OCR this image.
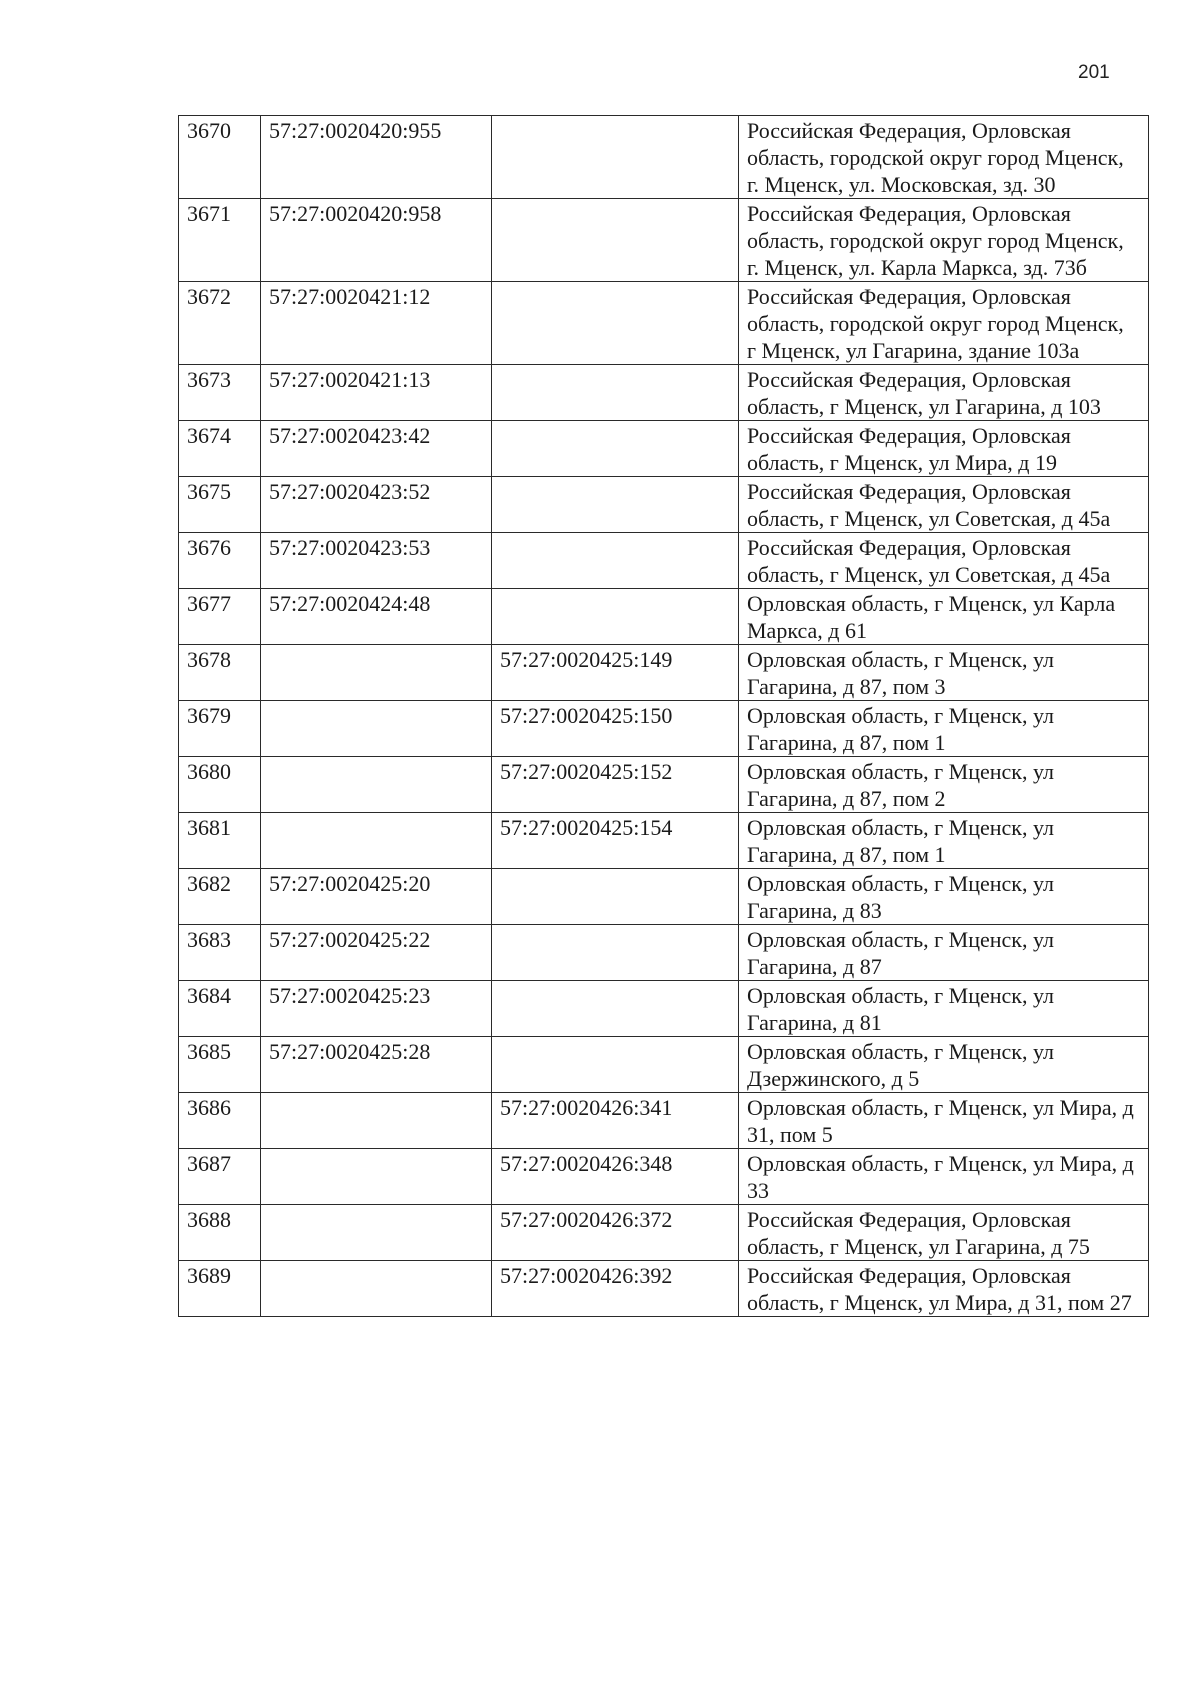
201
3670	57:27:0020420:955		Российская Федерация, Орловская область, городской округ город Мценск, г. Мценск, ул. Московская, зд. 30
3671	57:27:0020420:958		Российская Федерация, Орловская область, городской округ город Мценск, г. Мценск, ул. Карла Маркса, зд. 73б
3672	57:27:0020421:12		Российская Федерация, Орловская область, городской округ город Мценск, г Мценск, ул Гагарина, здание 103а
3673	57:27:0020421:13		Российская Федерация, Орловская область, г Мценск, ул Гагарина, д 103
3674	57:27:0020423:42		Российская Федерация, Орловская область, г Мценск, ул Мира, д 19
3675	57:27:0020423:52		Российская Федерация, Орловская область, г Мценск, ул Советская, д 45а
3676	57:27:0020423:53		Российская Федерация, Орловская область, г Мценск, ул Советская, д 45а
3677	57:27:0020424:48		Орловская область, г Мценск, ул Карла Маркса, д 61
3678		57:27:0020425:149	Орловская область, г Мценск, ул Гагарина, д 87, пом 3
3679		57:27:0020425:150	Орловская область, г Мценск, ул Гагарина, д 87, пом 1
3680		57:27:0020425:152	Орловская область, г Мценск, ул Гагарина, д 87, пом 2
3681		57:27:0020425:154	Орловская область, г Мценск, ул Гагарина, д 87, пом 1
3682	57:27:0020425:20		Орловская область, г Мценск, ул Гагарина, д 83
3683	57:27:0020425:22		Орловская область, г Мценск, ул Гагарина, д 87
3684	57:27:0020425:23		Орловская область, г Мценск, ул Гагарина, д 81
3685	57:27:0020425:28		Орловская область, г Мценск, ул Дзержинского, д 5
3686		57:27:0020426:341	Орловская область, г Мценск, ул Мира, д 31, пом 5
3687		57:27:0020426:348	Орловская область, г Мценск, ул Мира, д 33
3688		57:27:0020426:372	Российская Федерация, Орловская область, г Мценск, ул Гагарина, д 75
3689		57:27:0020426:392	Российская Федерация, Орловская область, г Мценск, ул Мира, д 31, пом 27
